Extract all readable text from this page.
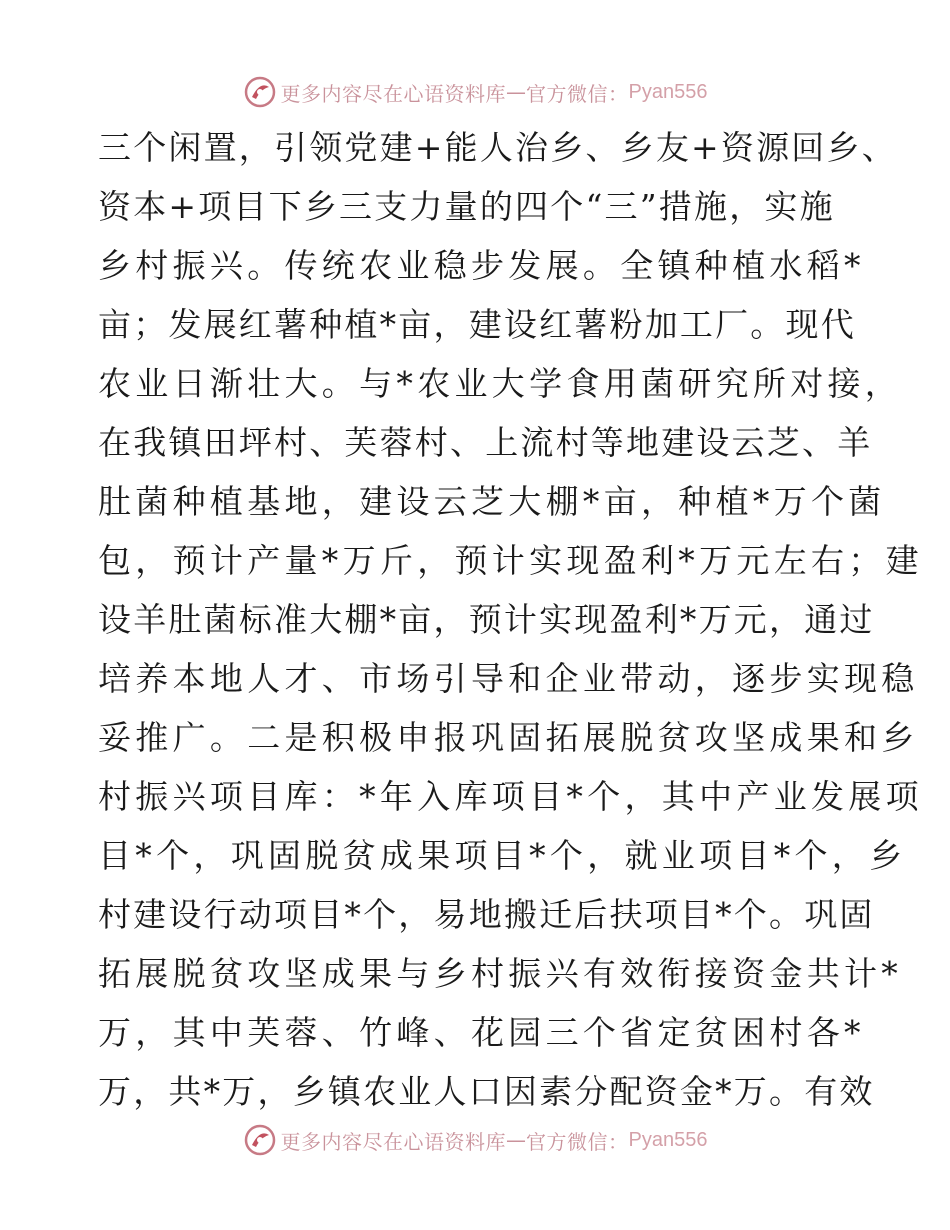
更多内容尽在心语资料库 — 官方微信： Pyan556
三个闲置，引领党建+能人治乡、乡友+资源回乡、
资本+项目下乡三支力量的四个“三”措施，实施
乡村振兴。传统农业稳步发展。全镇种植水稻*
亩；发展红薯种植*亩，建设红薯粉加工厂。现代
农业日渐壮大。与*农业大学食用菌研究所对接，
在我镇田坪村、芙蓉村、上流村等地建设云芝、羊
肚菌种植基地，建设云芝大棚*亩，种植*万个菌
包，预计产量*万斤，预计实现盈利*万元左右；建
设羊肚菌标准大棚*亩，预计实现盈利*万元，通过
培养本地人才、市场引导和企业带动，逐步实现稳
妥推广。二是积极申报巩固拓展脱贫攻坚成果和乡
村振兴项目库：*年入库项目*个，其中产业发展项
目*个，巩固脱贫成果项目*个，就业项目*个，乡
村建设行动项目*个，易地搬迁后扶项目*个。巩固
拓展脱贫攻坚成果与乡村振兴有效衔接资金共计*
万，其中芙蓉、竹峰、花园三个省定贫困村各*
万，共*万，乡镇农业人口因素分配资金*万。有效
更多内容尽在心语资料库 — 官方微信： Pyan556
